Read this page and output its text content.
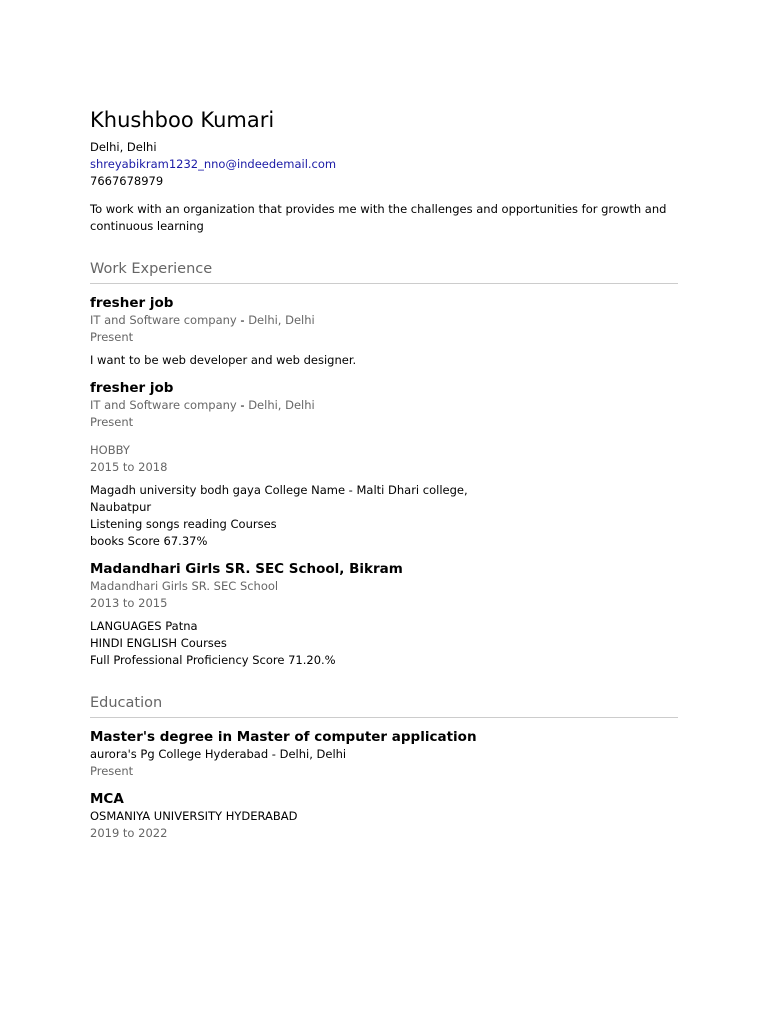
Khushboo Kumari

Delhi, Delhi

shreyabikram1232_nno@indeedemail.com

7667678979

To work with an organization that provides me with the challenges and opportunities for growth and continuous learning

Work Experience

fresher job

IT and Software company - Delhi, Delhi

Present

I want to be web developer and web designer.

fresher job

IT and Software company - Delhi, Delhi

Present

HOBBY

2015 to 2018

Magadh university bodh gaya College Name - Malti Dhari college,

Naubatpur

Listening songs reading Courses

books Score 67.37%

Madandhari Girls SR. SEC School, Bikram

Madandhari Girls SR. SEC School

2013 to 2015

LANGUAGES Patna

HINDI ENGLISH Courses

Full Professional Proficiency Score 71.20.%

Education

Master's degree in Master of computer application

aurora's Pg College Hyderabad - Delhi, Delhi

Present

MCA

OSMANIYA UNIVERSITY HYDERABAD

2019 to 2022
